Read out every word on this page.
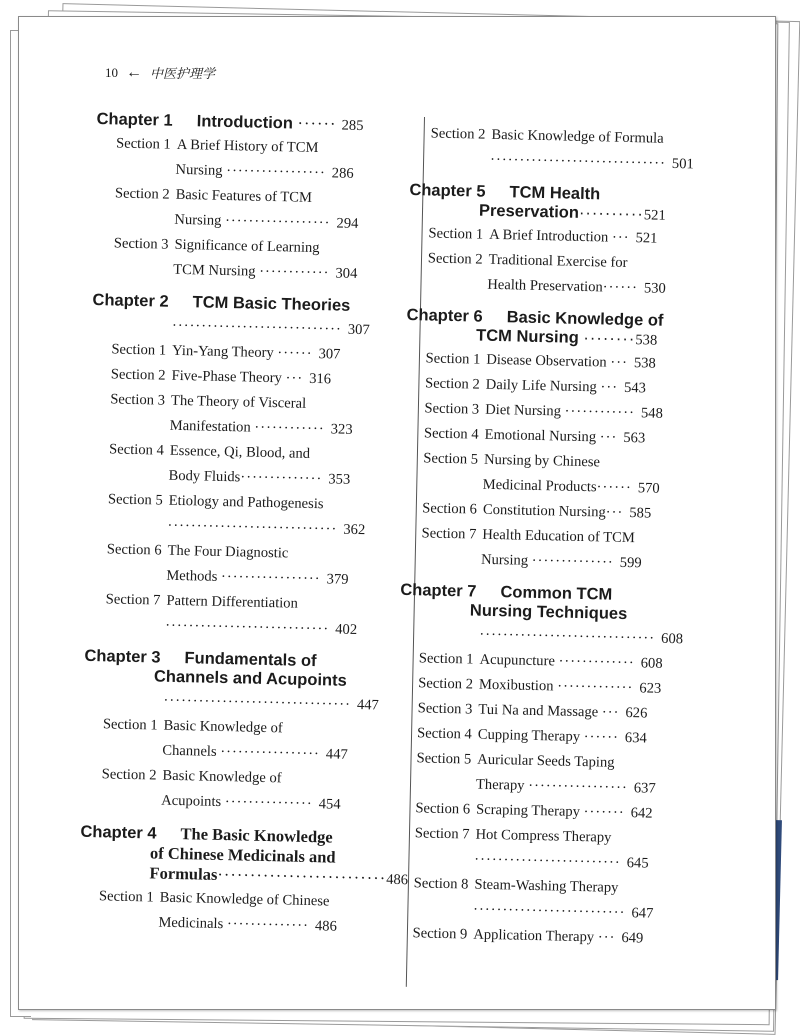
10 ← 中医护理学
Chapter 1 Introduction ······ 285
Section 1 A Brief History of TCM
Nursing ················· 286
Section 2 Basic Features of TCM
Nursing ·················· 294
Section 3 Significance of Learning
TCM Nursing ············ 304
Chapter 2 TCM Basic Theories
····························· 307
Section 1 Yin-Yang Theory ······ 307
Section 2 Five-Phase Theory ··· 316
Section 3 The Theory of Visceral
Manifestation ············ 323
Section 4 Essence, Qi, Blood, and
Body Fluids·············· 353
Section 5 Etiology and Pathogenesis
····························· 362
Section 6 The Four Diagnostic
Methods ················· 379
Section 7 Pattern Differentiation
···························· 402
Chapter 3 Fundamentals of
Channels and Acupoints
································ 447
Section 1 Basic Knowledge of
Channels ················· 447
Section 2 Basic Knowledge of
Acupoints ··············· 454
Chapter 4 The Basic Knowledge
of Chinese Medicinals and
Formulas··························486
Section 1 Basic Knowledge of Chinese
Medicinals ·············· 486
Section 2 Basic Knowledge of Formula
······························ 501
Chapter 5 TCM Health
Preservation··········521
Section 1 A Brief Introduction ··· 521
Section 2 Traditional Exercise for
Health Preservation······ 530
Chapter 6 Basic Knowledge of
TCM Nursing ········538
Section 1 Disease Observation ··· 538
Section 2 Daily Life Nursing ··· 543
Section 3 Diet Nursing ············ 548
Section 4 Emotional Nursing ··· 563
Section 5 Nursing by Chinese
Medicinal Products······ 570
Section 6 Constitution Nursing··· 585
Section 7 Health Education of TCM
Nursing ·············· 599
Chapter 7 Common TCM
Nursing Techniques
······························ 608
Section 1 Acupuncture ············· 608
Section 2 Moxibustion ············· 623
Section 3 Tui Na and Massage ··· 626
Section 4 Cupping Therapy ······ 634
Section 5 Auricular Seeds Taping
Therapy ················· 637
Section 6 Scraping Therapy ······· 642
Section 7 Hot Compress Therapy
························· 645
Section 8 Steam-Washing Therapy
·························· 647
Section 9 Application Therapy ··· 649
